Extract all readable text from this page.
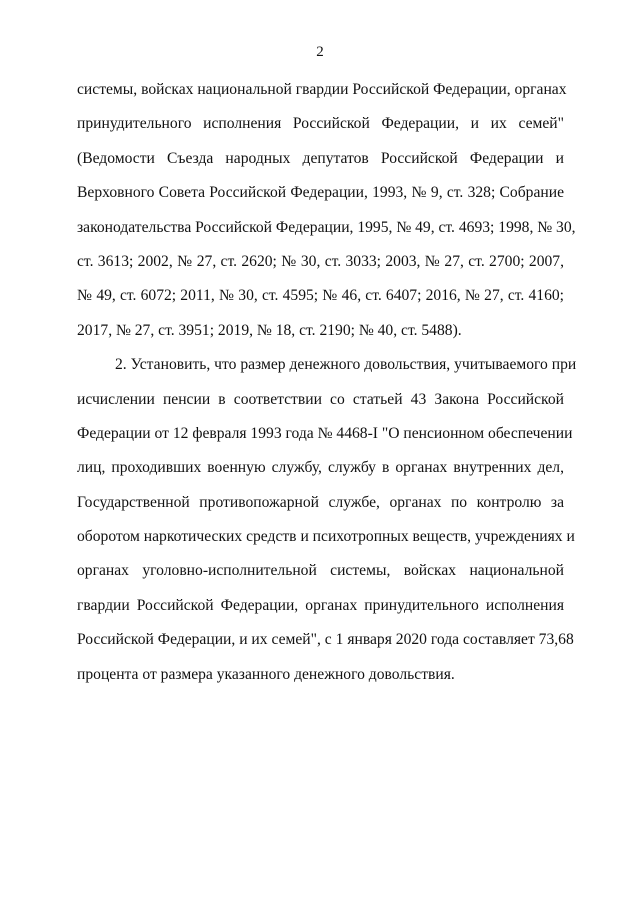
2
системы, войсках национальной гвардии Российской Федерации, органах
принудительного исполнения Российской Федерации, и их семей"
(Ведомости Съезда народных депутатов Российской Федерации и
Верховного Совета Российской Федерации, 1993, № 9, ст. 328; Собрание
законодательства Российской Федерации, 1995, № 49, ст. 4693; 1998, № 30,
ст. 3613; 2002, № 27, ст. 2620; № 30, ст. 3033; 2003, № 27, ст. 2700; 2007,
№ 49, ст. 6072; 2011, № 30, ст. 4595; № 46, ст. 6407; 2016, № 27, ст. 4160;
2017, № 27, ст. 3951; 2019, № 18, ст. 2190; № 40, ст. 5488).
2. Установить, что размер денежного довольствия, учитываемого при
исчислении пенсии в соответствии со статьей 43 Закона Российской
Федерации от 12 февраля 1993 года № 4468-I "О пенсионном обеспечении
лиц, проходивших военную службу, службу в органах внутренних дел,
Государственной противопожарной службе, органах по контролю за
оборотом наркотических средств и психотропных веществ, учреждениях и
органах уголовно-исполнительной системы, войсках национальной
гвардии Российской Федерации, органах принудительного исполнения
Российской Федерации, и их семей", с 1 января 2020 года составляет 73,68
процента от размера указанного денежного довольствия.
